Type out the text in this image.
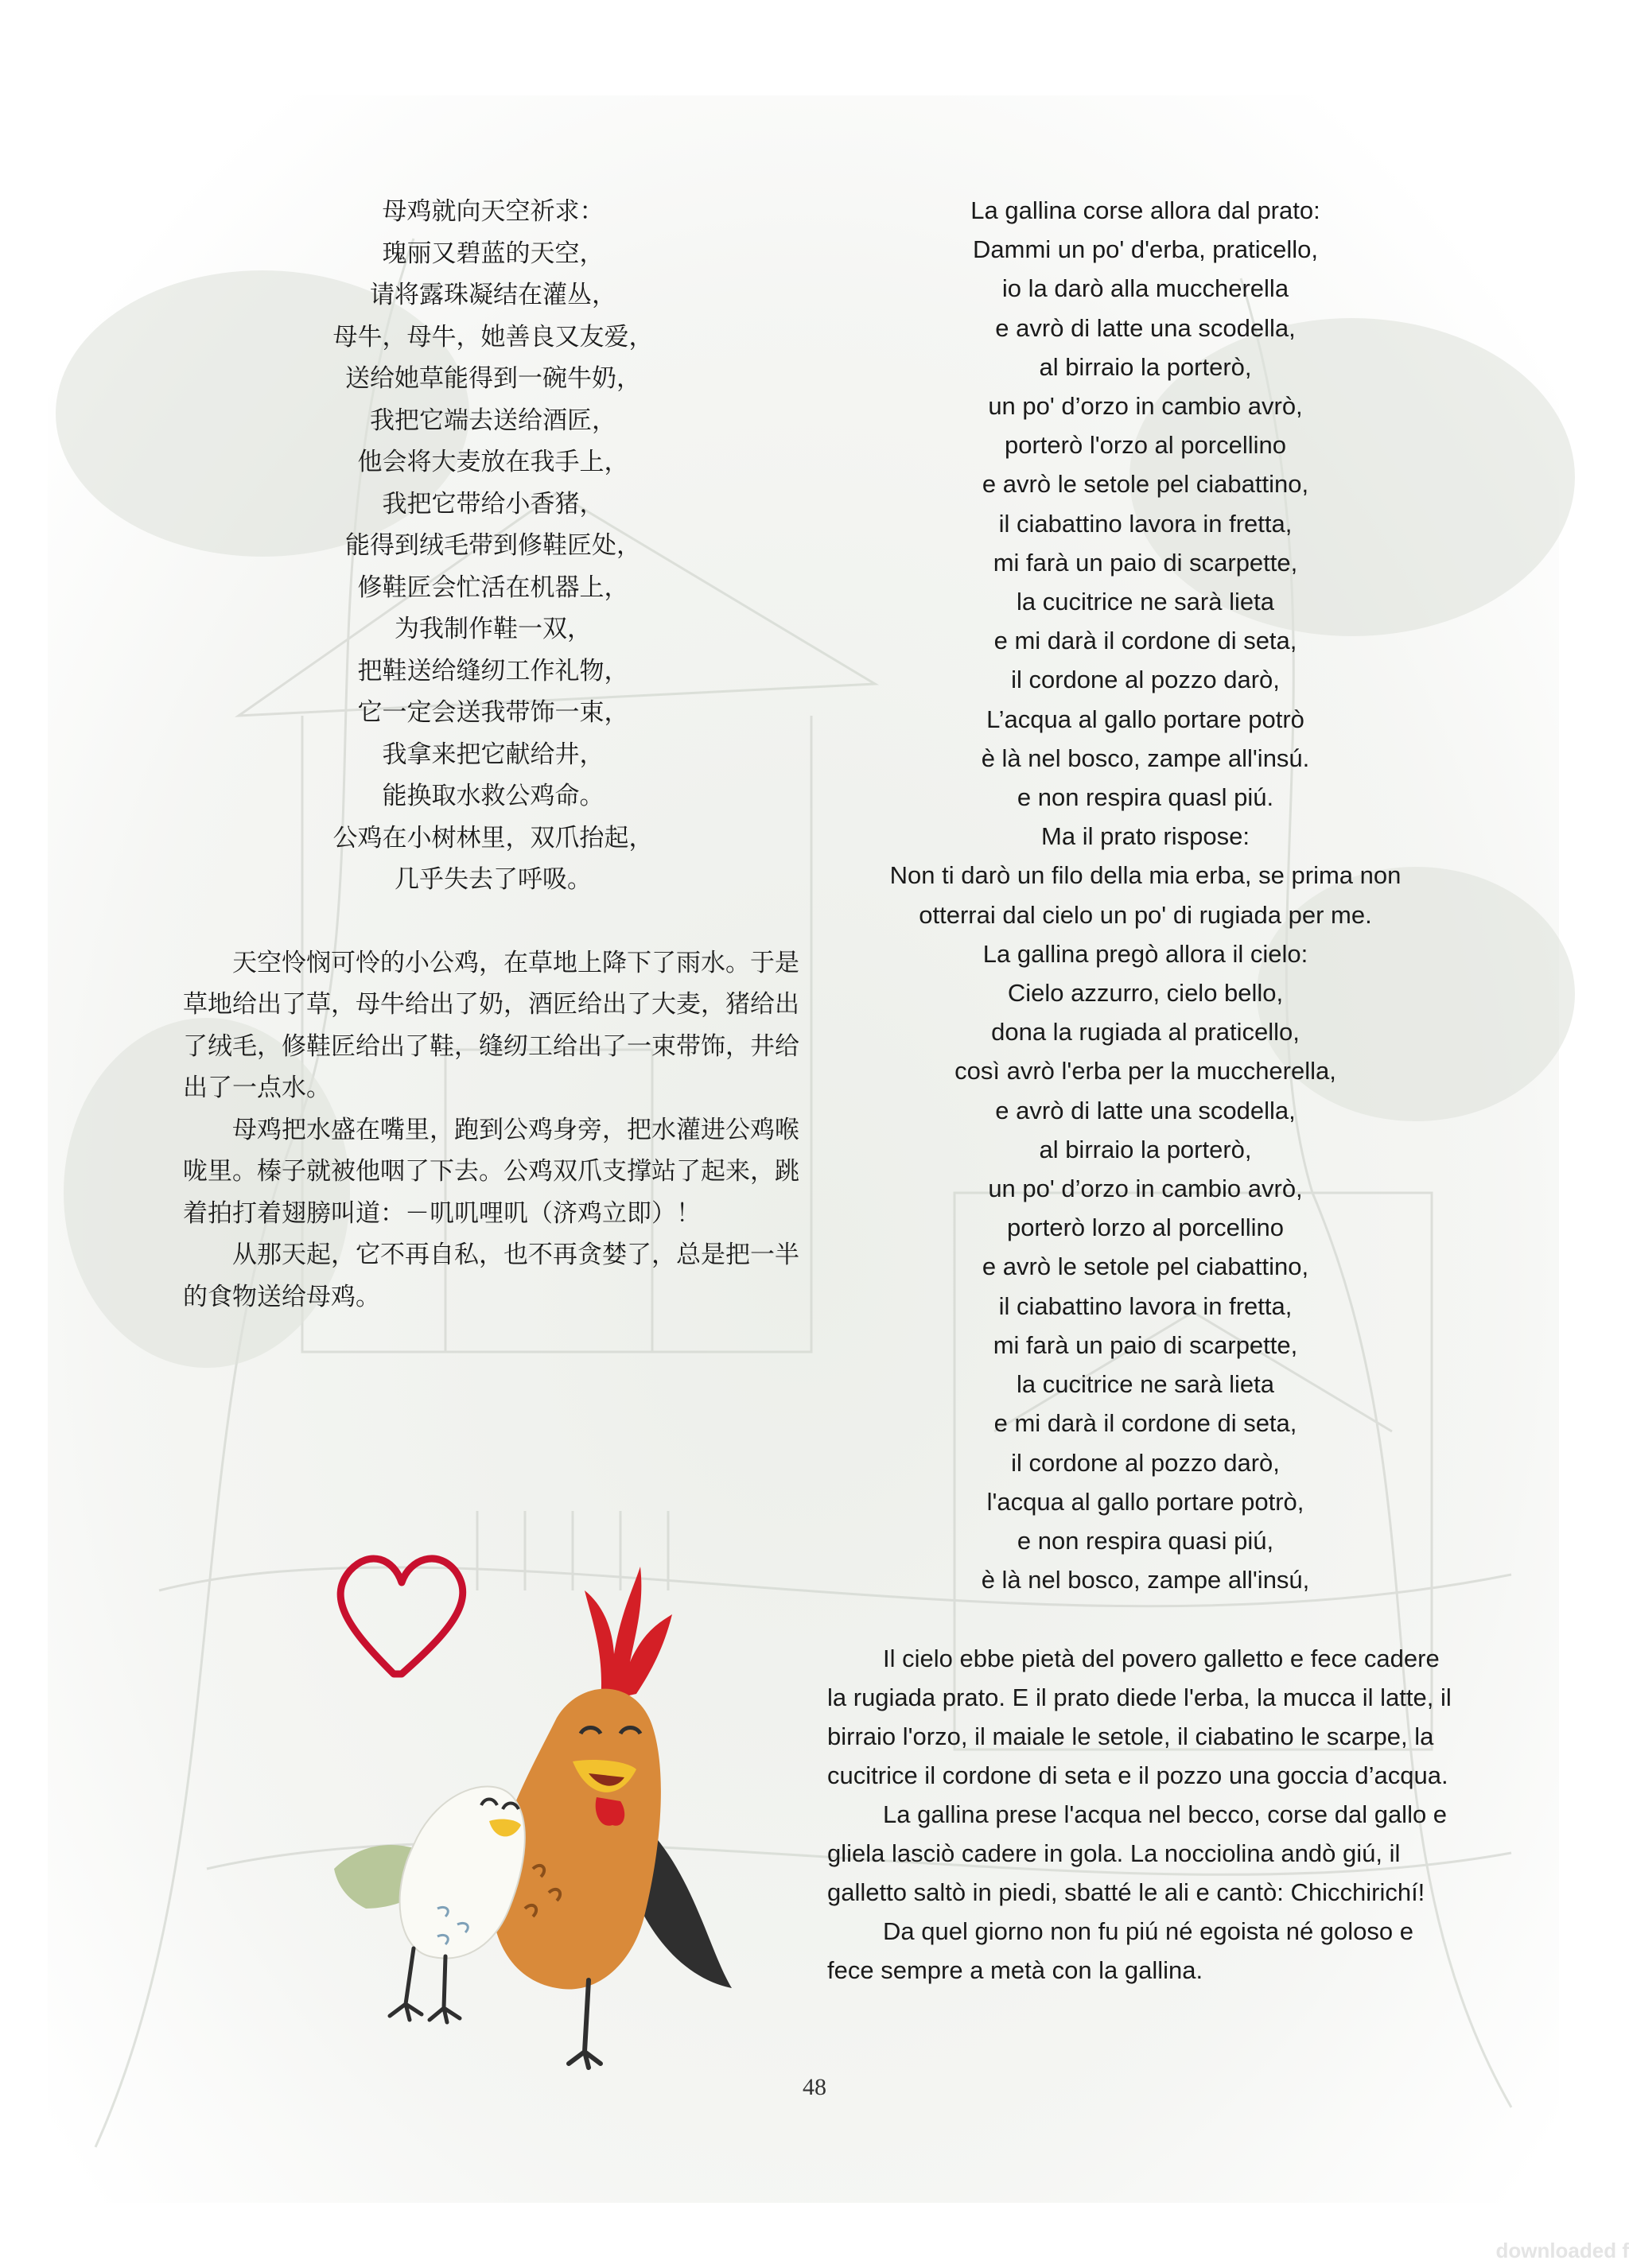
母鸡就向天空祈求：
瑰丽又碧蓝的天空，
请将露珠凝结在灌丛，
母牛，母牛，她善良又友爱，
送给她草能得到一碗牛奶，
我把它端去送给酒匠，
他会将大麦放在我手上，
我把它带给小香猪，
能得到绒毛带到修鞋匠处，
修鞋匠会忙活在机器上，
为我制作鞋一双，
把鞋送给缝纫工作礼物，
它一定会送我带饰一束，
我拿来把它献给井，
能换取水救公鸡命。
公鸡在小树林里，双爪抬起，
几乎失去了呼吸。

天空怜悯可怜的小公鸡，在草地上降下了雨水。于是草地给出了草，母牛给出了奶，酒匠给出了大麦，猪给出了绒毛，修鞋匠给出了鞋，缝纫工给出了一束带饰，井给出了一点水。

母鸡把水盛在嘴里，跑到公鸡身旁，把水灌进公鸡喉咙里。榛子就被他咽了下去。公鸡双爪支撑站了起来，跳着拍打着翅膀叫道：－叽叽哩叽（济鸡立即）！

从那天起，它不再自私，也不再贪婪了，总是把一半的食物送给母鸡。

La gallina corse allora dal prato:
Dammi un po' d'erba, praticello,
io la darò alla muccherella
e avrò di latte una scodella,
al birraio la porterò,
un po' d’orzo in cambio avrò,
porterò l'orzo al porcellino
e avrò le setole pel ciabattino,
il ciabattino lavora in fretta,
mi farà un paio di scarpette,
la cucitrice ne sarà lieta
e mi darà il cordone di seta,
il cordone al pozzo darò,
L’acqua al gallo portare potrò
è là nel bosco, zampe all'insú.
e non respira quasl piú.
Ma il prato rispose:
Non ti darò un filo della mia erba, se prima non
otterrai dal cielo un po' di rugiada per me.
La gallina pregò allora il cielo:
Cielo azzurro, cielo bello,
dona la rugiada al praticello,
così avrò l'erba per la muccherella,
e avrò di latte una scodella,
al birraio la porterò,
un po' d’orzo in cambio avrò,
porterò lorzo al porcellino
e avrò le setole pel ciabattino,
il ciabattino lavora in fretta,
mi farà un paio di scarpette,
la cucitrice ne sarà lieta
e mi darà il cordone di seta,
il cordone al pozzo darò,
l'acqua al gallo portare potrò,
e non respira quasi piú,
è là nel bosco, zampe all'insú,

Il cielo ebbe pietà del povero galletto e fece cadere la rugiada prato. E il prato diede l'erba, la mucca il latte, il birraio l'orzo, il maiale le setole, il ciabatino le scarpe, la cucitrice il cordone di seta e il pozzo una goccia d’acqua.

La gallina prese l'acqua nel becco, corse dal gallo e gliela lasciò cadere in gola. La nocciolina andò giú, il galletto saltò in piedi, sbatté le ali e cantò: Chicchirichí!

Da quel giorno non fu piú né egoista né goloso e fece sempre a metà con la gallina.

48
downloaded f
